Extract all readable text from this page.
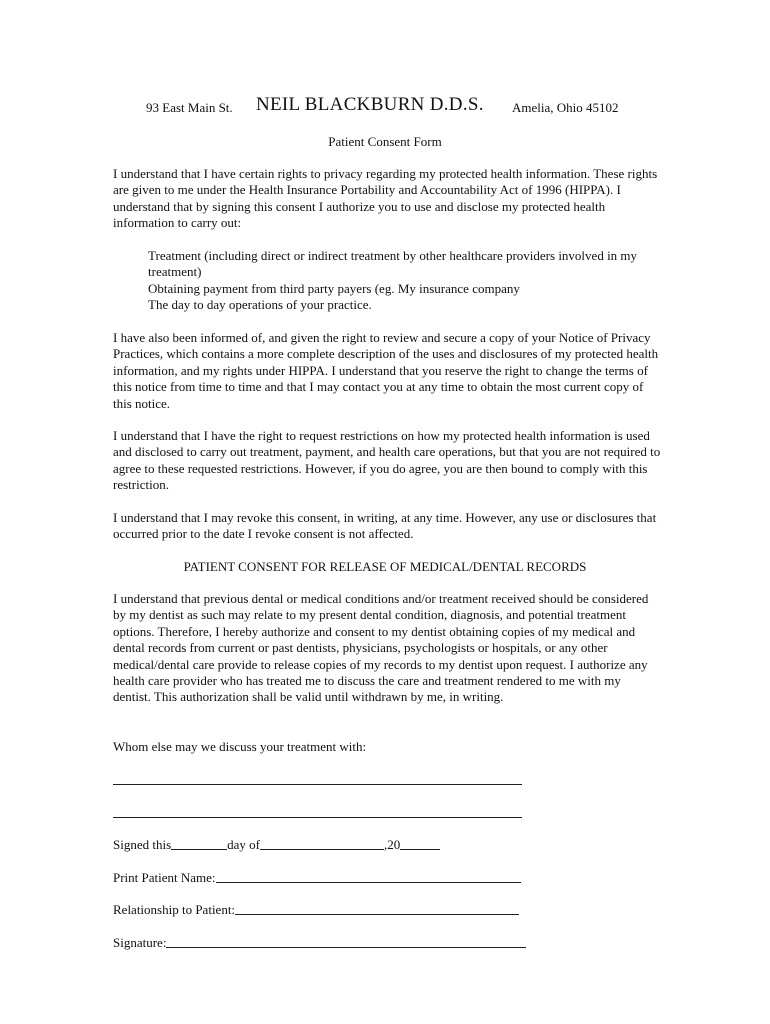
93 East Main St. NEIL BLACKBURN D.D.S. Amelia, Ohio 45102
Patient Consent Form
I understand that I have certain rights to privacy regarding my protected health information. These rights are given to me under the Health Insurance Portability and Accountability Act of 1996 (HIPPA). I understand that by signing this consent I authorize you to use and disclose my protected health information to carry out:
Treatment (including direct or indirect treatment by other healthcare providers involved in my treatment)
Obtaining payment from third party payers (eg. My insurance company
The day to day operations of your practice.
I have also been informed of, and given the right to review and secure a copy of your Notice of Privacy Practices, which contains a more complete description of the uses and disclosures of my protected health information, and my rights under HIPPA. I understand that you reserve the right to change the terms of this notice from time to time and that I may contact you at any time to obtain the most current copy of this notice.
I understand that I have the right to request restrictions on how my protected health information is used and disclosed to carry out treatment, payment, and health care operations, but that you are not required to agree to these requested restrictions. However, if you do agree, you are then bound to comply with this restriction.
I understand that I may revoke this consent, in writing, at any time. However, any use or disclosures that occurred prior to the date I revoke consent is not affected.
PATIENT CONSENT FOR RELEASE OF MEDICAL/DENTAL RECORDS
I understand that previous dental or medical conditions and/or treatment received should be considered by my dentist as such may relate to my present dental condition, diagnosis, and potential treatment options. Therefore, I hereby authorize and consent to my dentist obtaining copies of my medical and dental records from current or past dentists, physicians, psychologists or hospitals, or any other medical/dental care provide to release copies of my records to my dentist upon request. I authorize any health care provider who has treated me to discuss the care and treatment rendered to me with my dentist. This authorization shall be valid until withdrawn by me, in writing.
Whom else may we discuss your treatment with:
Signed this	day of	,20
Print Patient Name:
Relationship to Patient:
Signature:
